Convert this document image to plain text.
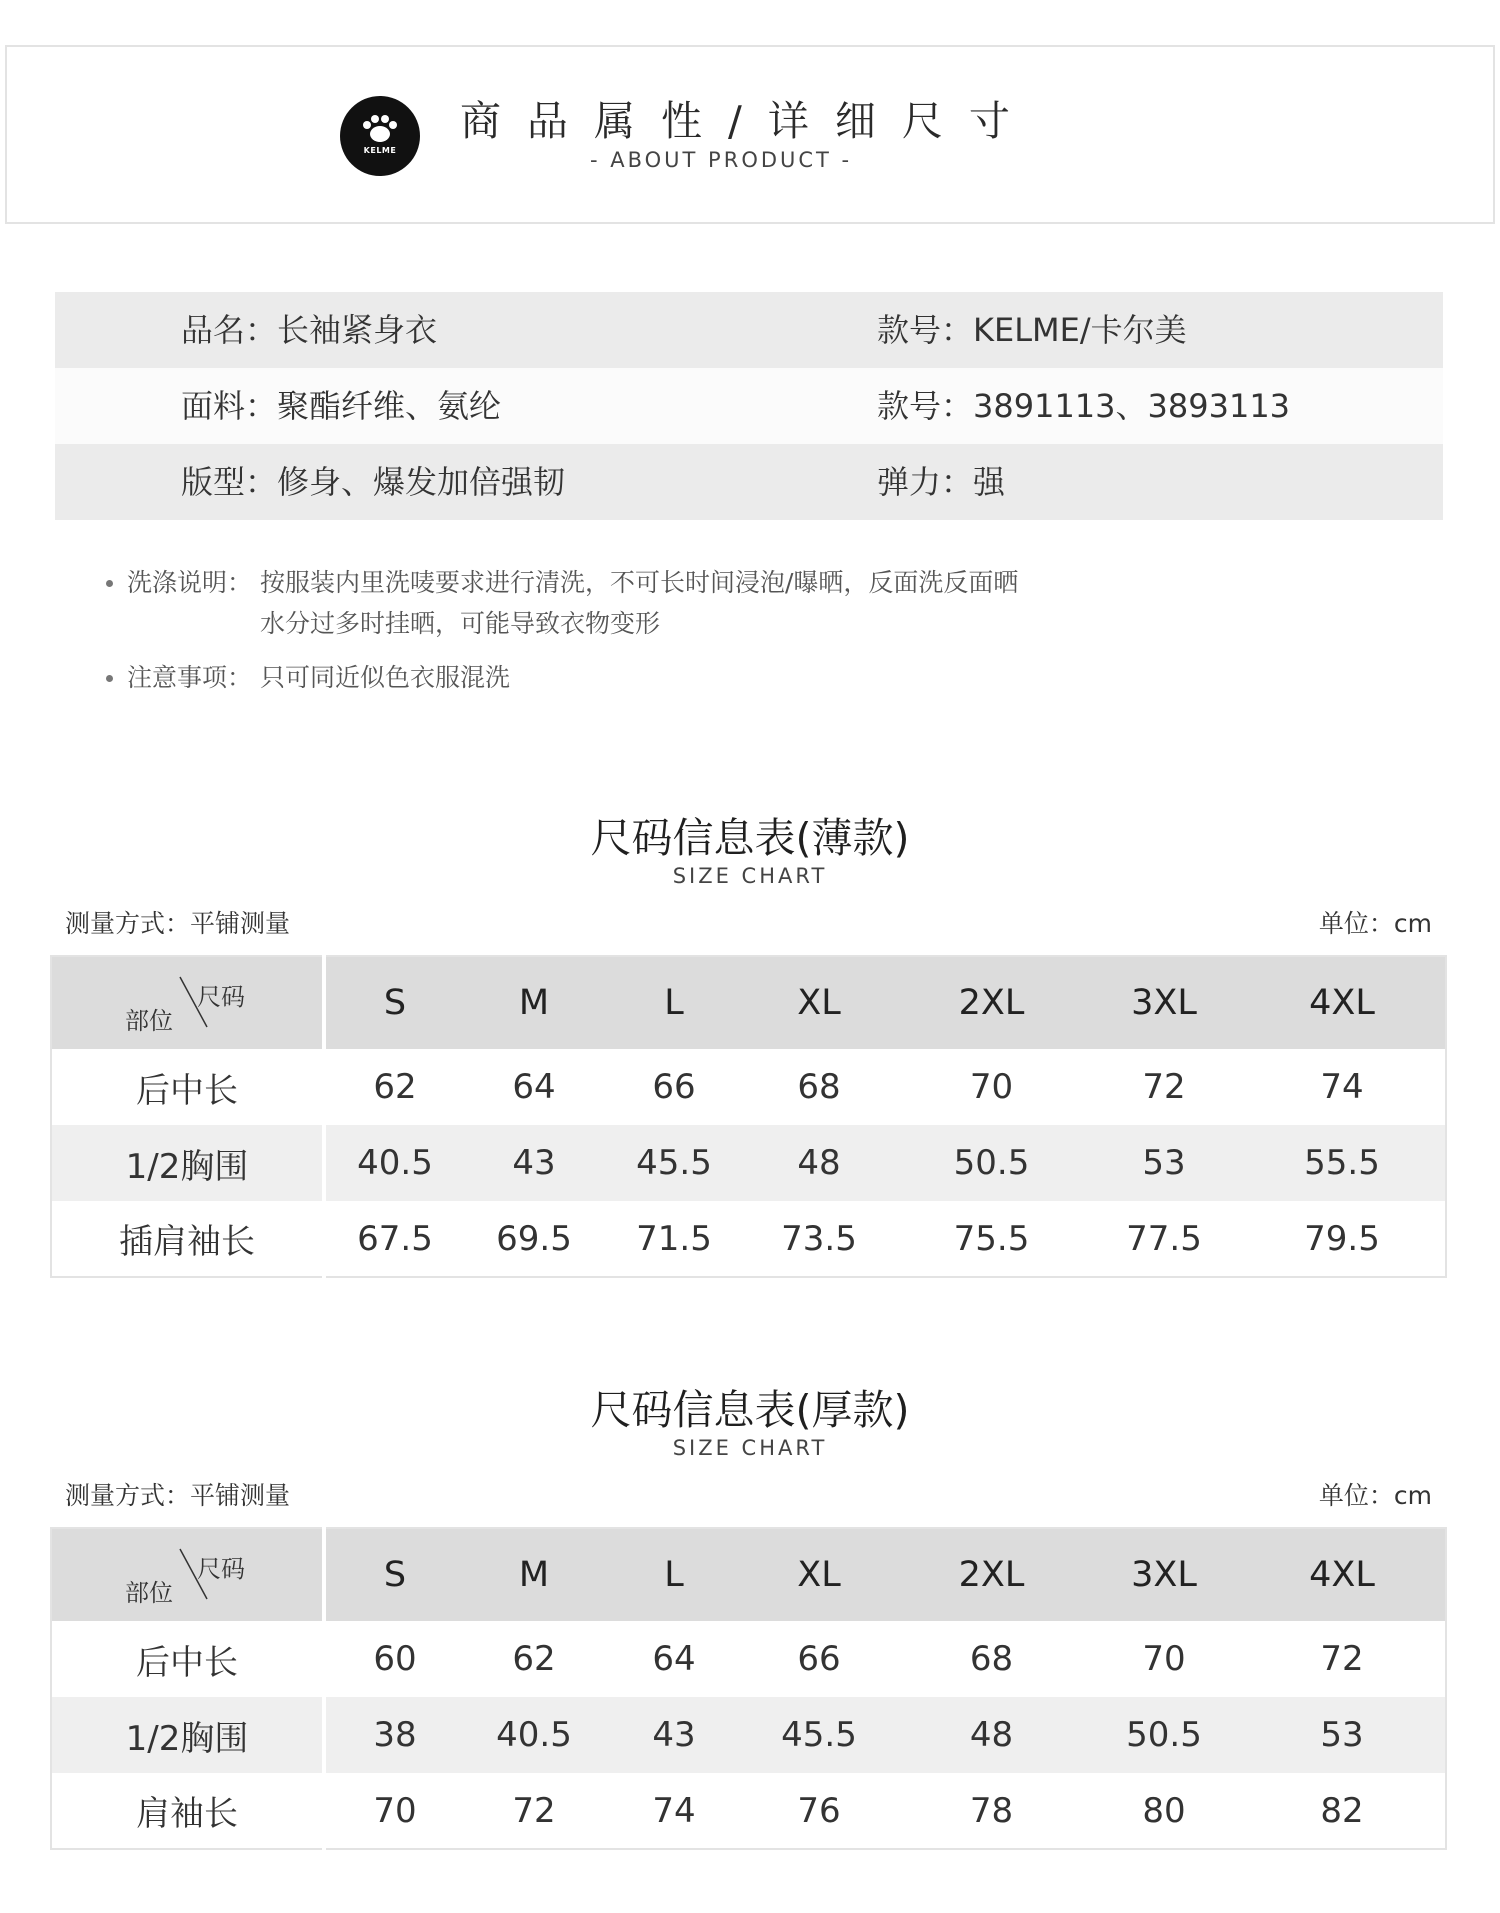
KELME
商品属性/详细尺寸
- ABOUT PRODUCT -
品名：长袖紧身衣	款号：KELME/卡尔美
面料：聚酯纤维、氨纶	款号：3891113、3893113
版型：修身、爆发加倍强韧	弹力：强
洗涤说明： 按服装内里洗唛要求进行清洗，不可长时间浸泡/曝晒，反面洗反面晒
水分过多时挂晒，可能导致衣物变形
注意事项： 只可同近似色衣服混洗
尺码信息表(薄款)
SIZE CHART
测量方式：平铺测量	单位：cm
部位
尺码	S	M	L	XL	2XL	3XL	4XL
后中长	62	64	66	68	70	72	74
1/2胸围	40.5	43	45.5	48	50.5	53	55.5
插肩袖长	67.5	69.5	71.5	73.5	75.5	77.5	79.5
尺码信息表(厚款)
SIZE CHART
测量方式：平铺测量	单位：cm
部位
尺码	S	M	L	XL	2XL	3XL	4XL
后中长	60	62	64	66	68	70	72
1/2胸围	38	40.5	43	45.5	48	50.5	53
肩袖长	70	72	74	76	78	80	82
